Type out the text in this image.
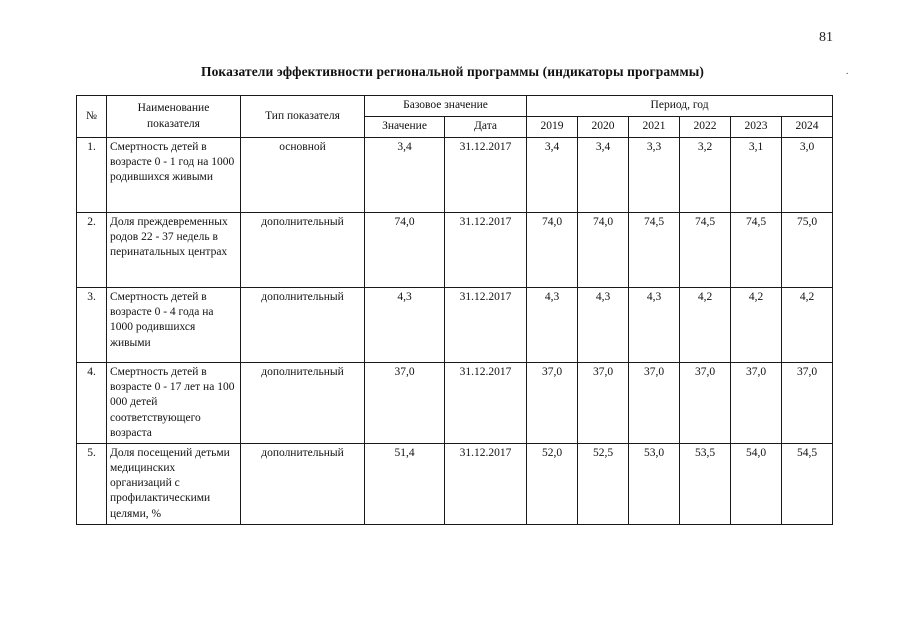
81
Показатели эффективности региональной программы (индикаторы программы)	·
№	Наименование
показателя	Тип показателя	Базовое значение		Период, год					
			Значение	Дата	2019	2020	2021	2022	2023	2024
1.	Смертность детей в возрасте 0 - 1 год на 1000 родившихся живыми	основной	3,4	31.12.2017	3,4	3,4	3,3	3,2	3,1	3,0
2.	Доля преждевременных родов 22 - 37 недель в перинатальных центрах	дополнительный	74,0	31.12.2017	74,0	74,0	74,5	74,5	74,5	75,0
3.	Смертность детей в возрасте 0 - 4 года на 1000 родившихся живыми	дополнительный	4,3	31.12.2017	4,3	4,3	4,3	4,2	4,2	4,2
4.	Смертность детей в возрасте 0 - 17 лет на 100 000 детей соответствующего возраста	дополнительный	37,0	31.12.2017	37,0	37,0	37,0	37,0	37,0	37,0
5.	Доля посещений детьми медицинских организаций с профилактическими целями, %	дополнительный	51,4	31.12.2017	52,0	52,5	53,0	53,5	54,0	54,5
